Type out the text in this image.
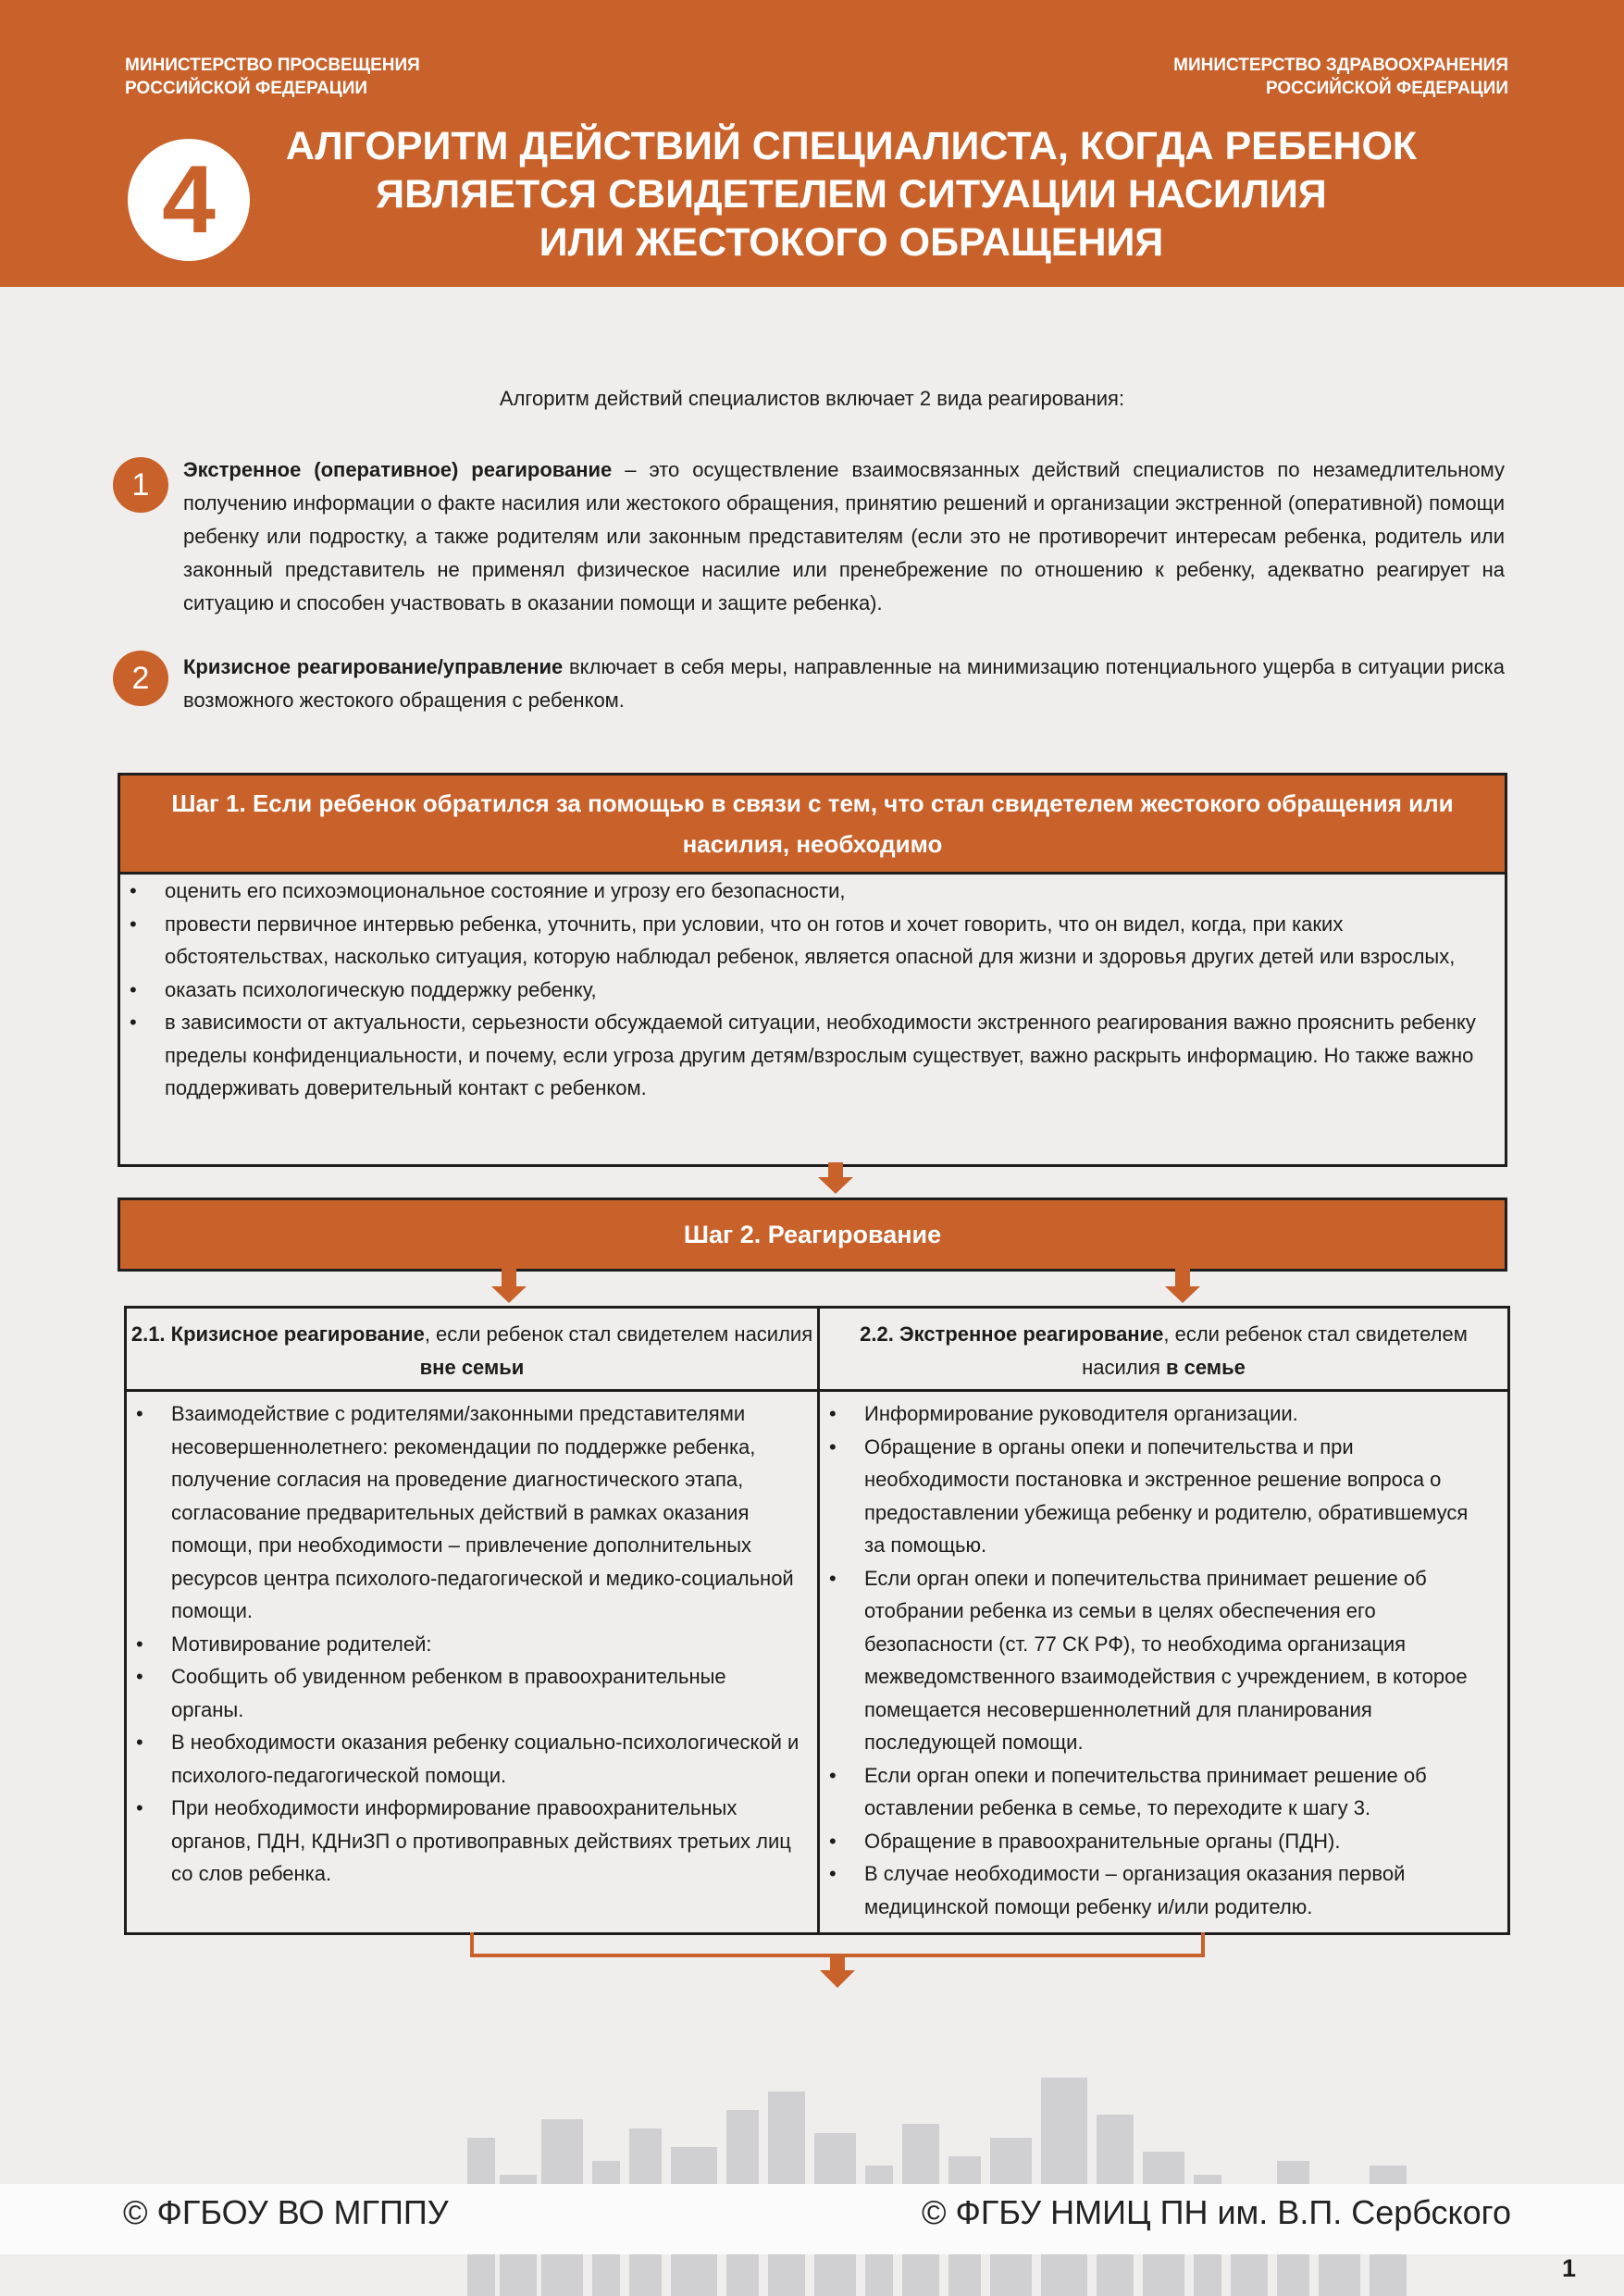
МИНИСТЕРСТВО ПРОСВЕЩЕНИЯ
РОССИЙСКОЙ ФЕДЕРАЦИИ
МИНИСТЕРСТВО ЗДРАВООХРАНЕНИЯ
РОССИЙСКОЙ ФЕДЕРАЦИИ
4	АЛГОРИТМ ДЕЙСТВИЙ СПЕЦИАЛИСТА, КОГДА РЕБЕНОК
ЯВЛЯЕТСЯ СВИДЕТЕЛЕМ СИТУАЦИИ НАСИЛИЯ
ИЛИ ЖЕСТОКОГО ОБРАЩЕНИЯ
Алгоритм действий специалистов включает 2 вида реагирования:
1	Экстренное (оперативное) реагирование – это осуществление взаимосвязанных действий специалистов по незамедлительному получению информации о факте насилия или жестокого обращения, принятию решений и организации экстренной (оперативной) помощи ребенку или подростку, а также родителям или законным представителям (если это не противоречит интересам ребенка, родитель или законный представитель не применял физическое насилие или пренебрежение по отношению к ребенку, адекватно реагирует на ситуацию и способен участвовать в оказании помощи и защите ребенка).
2	Кризисное реагирование/управление включает в себя меры, направленные на минимизацию потенциального ущерба в ситуации риска возможного жестокого обращения с ребенком.
Шаг 1. Если ребенок обратился за помощью в связи с тем, что стал свидетелем жестокого обращения или насилия, необходимо
• оценить его психоэмоциональное состояние и угрозу его безопасности,
• провести первичное интервью ребенка, уточнить, при условии, что он готов и хочет говорить, что он видел, когда, при каких обстоятельствах, насколько ситуация, которую наблюдал ребенок, является опасной для жизни и здоровья других детей или взрослых,
• оказать психологическую поддержку ребенку,
• в зависимости от актуальности, серьезности обсуждаемой ситуации, необходимости экстренного реагирования важно прояснить ребенку пределы конфиденциальности, и почему, если угроза другим детям/взрослым существует, важно раскрыть информацию. Но также важно поддерживать доверительный контакт с ребенком.
Шаг 2. Реагирование
2.1. Кризисное реагирование, если ребенок стал свидетелем насилия вне семьи
• Взаимодействие с родителями/законными представителями несовершеннолетнего: рекомендации по поддержке ребенка, получение согласия на проведение диагностического этапа, согласование предварительных действий в рамках оказания помощи, при необходимости – привлечение дополнительных ресурсов центра психолого-педагогической и медико-социальной помощи.
• Мотивирование родителей:
• Сообщить об увиденном ребенком в правоохранительные органы.
• В необходимости оказания ребенку социально-психологической и психолого-педагогической помощи.
• При необходимости информирование правоохранительных органов, ПДН, КДНиЗП о противоправных действиях третьих лиц со слов ребенка.
2.2. Экстренное реагирование, если ребенок стал свидетелем насилия в семье
• Информирование руководителя организации.
• Обращение в органы опеки и попечительства и при необходимости постановка и экстренное решение вопроса о предоставлении убежища ребенку и родителю, обратившемуся за помощью.
• Если орган опеки и попечительства принимает решение об отобрании ребенка из семьи в целях обеспечения его безопасности (ст. 77 СК РФ), то необходима организация межведомственного взаимодействия с учреждением, в которое помещается несовершеннолетний для планирования последующей помощи.
• Если орган опеки и попечительства принимает решение об оставлении ребенка в семье, то переходите к шагу 3.
• Обращение в правоохранительные органы (ПДН).
• В случае необходимости – организация оказания первой медицинской помощи ребенку и/или родителю.
© ФГБОУ ВО МГППУ	© ФГБУ НМИЦ ПН им. В.П. Сербского
1
